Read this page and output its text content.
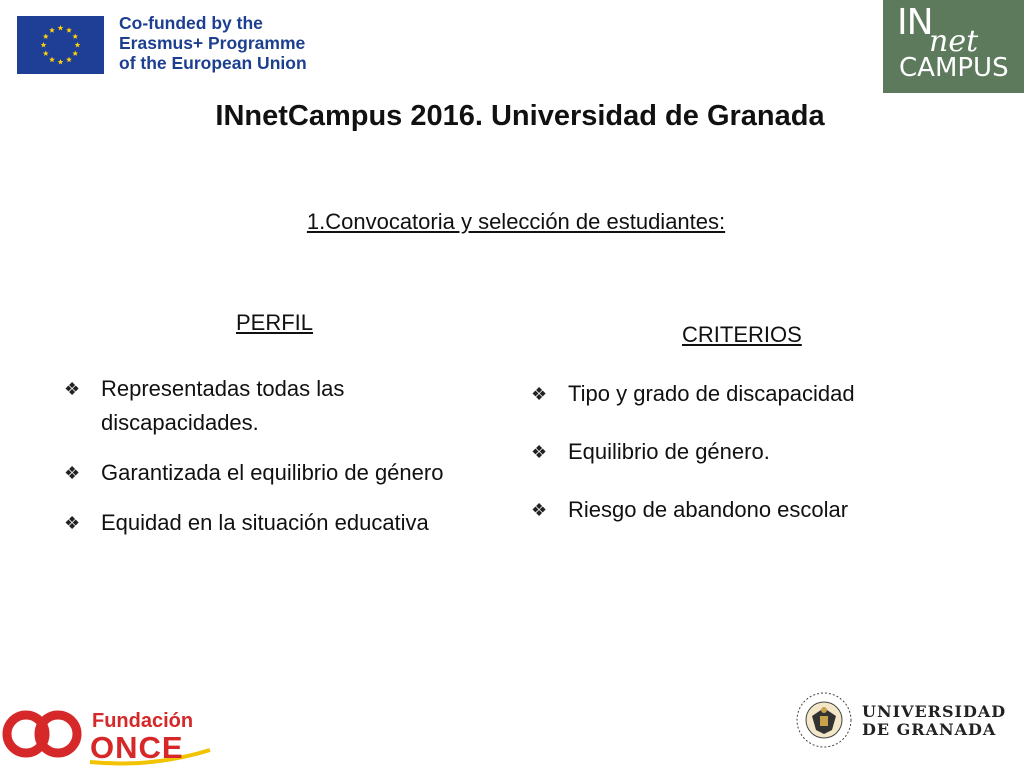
Co-funded by the
Erasmus+ Programme
of the European Union
IN
net
CAMPUS
INnetCampus 2016. Universidad de Granada
1.Convocatoria y selección de estudiantes:
PERFIL
❖ Representadas todas las discapacidades.
❖ Garantizada el equilibrio de género
❖ Equidad en la situación educativa
CRITERIOS
❖ Tipo y grado de discapacidad
❖ Equilibrio de género.
❖ Riesgo de abandono escolar
Fundación
ONCE
UNIVERSIDAD
DE GRANADA
